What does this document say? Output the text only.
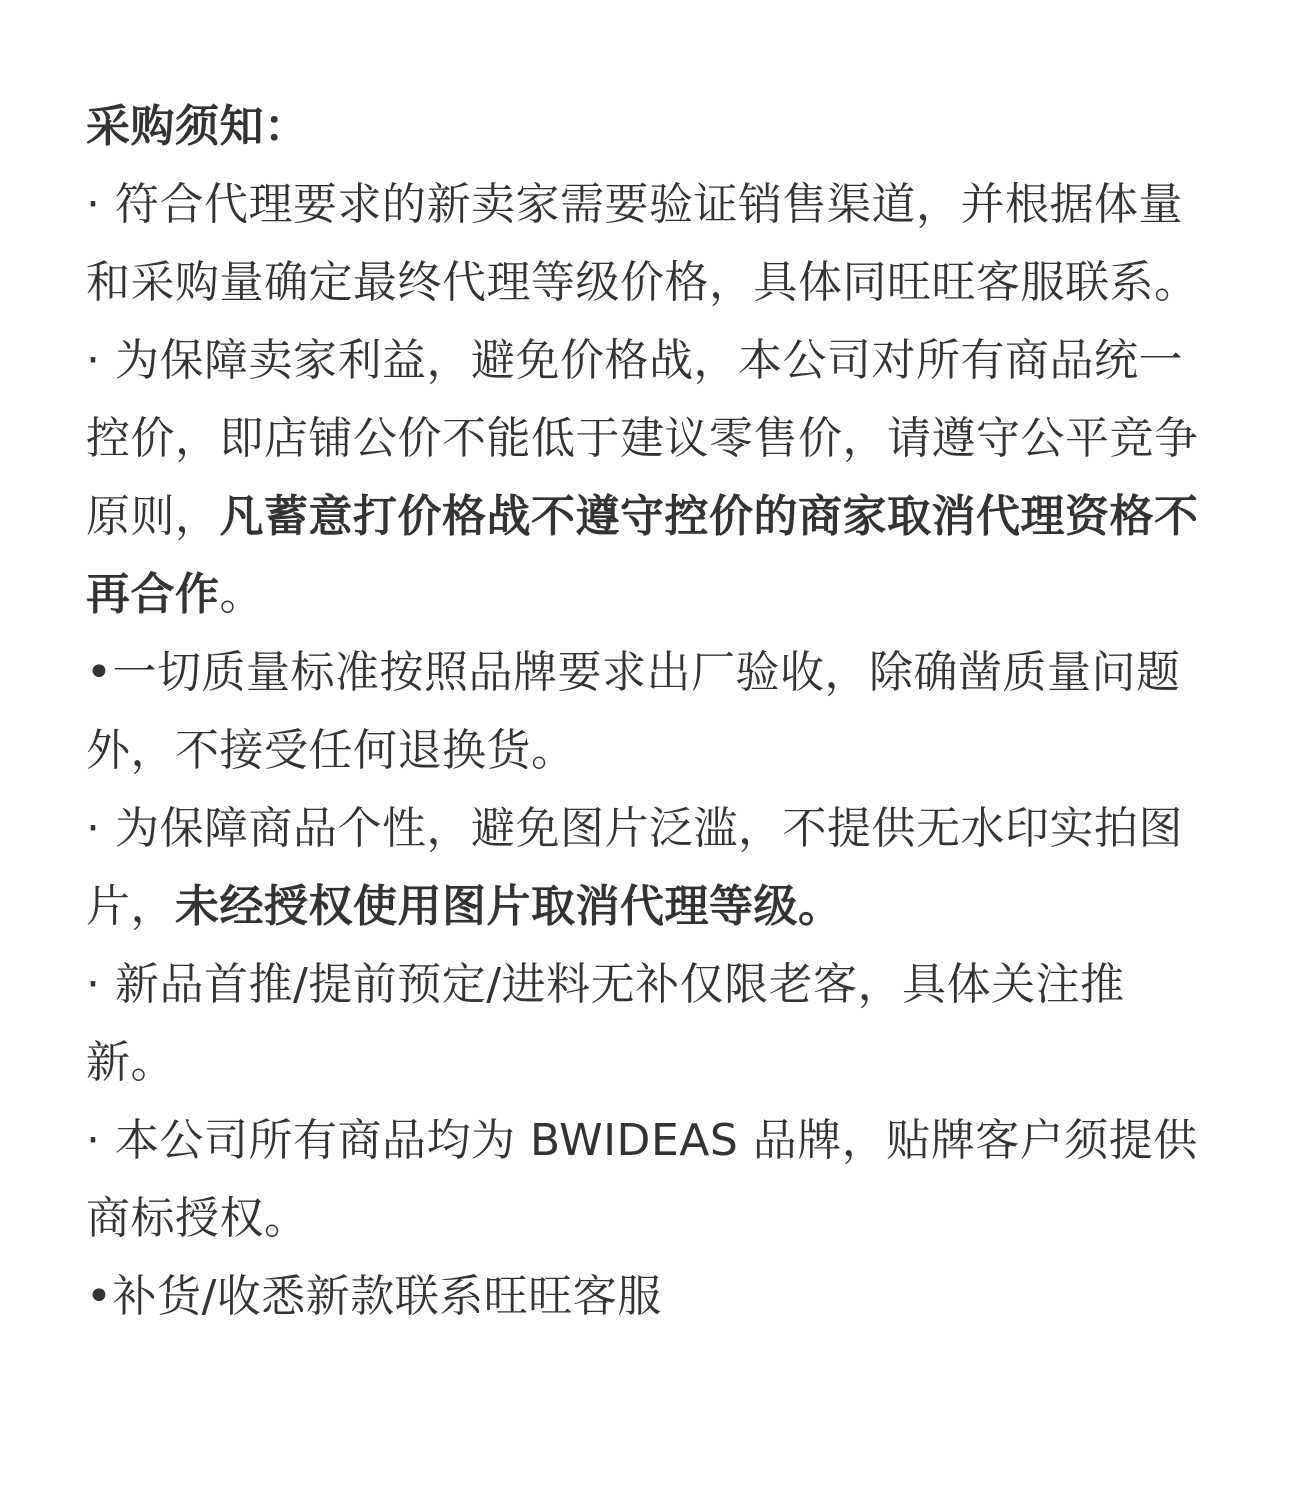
采购须知：

· 符合代理要求的新卖家需要验证销售渠道，并根据体量和采购量确定最终代理等级价格，具体同旺旺客服联系。

· 为保障卖家利益，避免价格战，本公司对所有商品统一控价，即店铺公价不能低于建议零售价，请遵守公平竞争原则，凡蓄意打价格战不遵守控价的商家取消代理资格不再合作。

•一切质量标准按照品牌要求出厂验收，除确凿质量问题外，不接受任何退换货。

· 为保障商品个性，避免图片泛滥，不提供无水印实拍图片，未经授权使用图片取消代理等级。

· 新品首推/提前预定/进料无补仅限老客，具体关注推新。

· 本公司所有商品均为 BWIDEAS 品牌，贴牌客户须提供商标授权。

•补货/收悉新款联系旺旺客服
